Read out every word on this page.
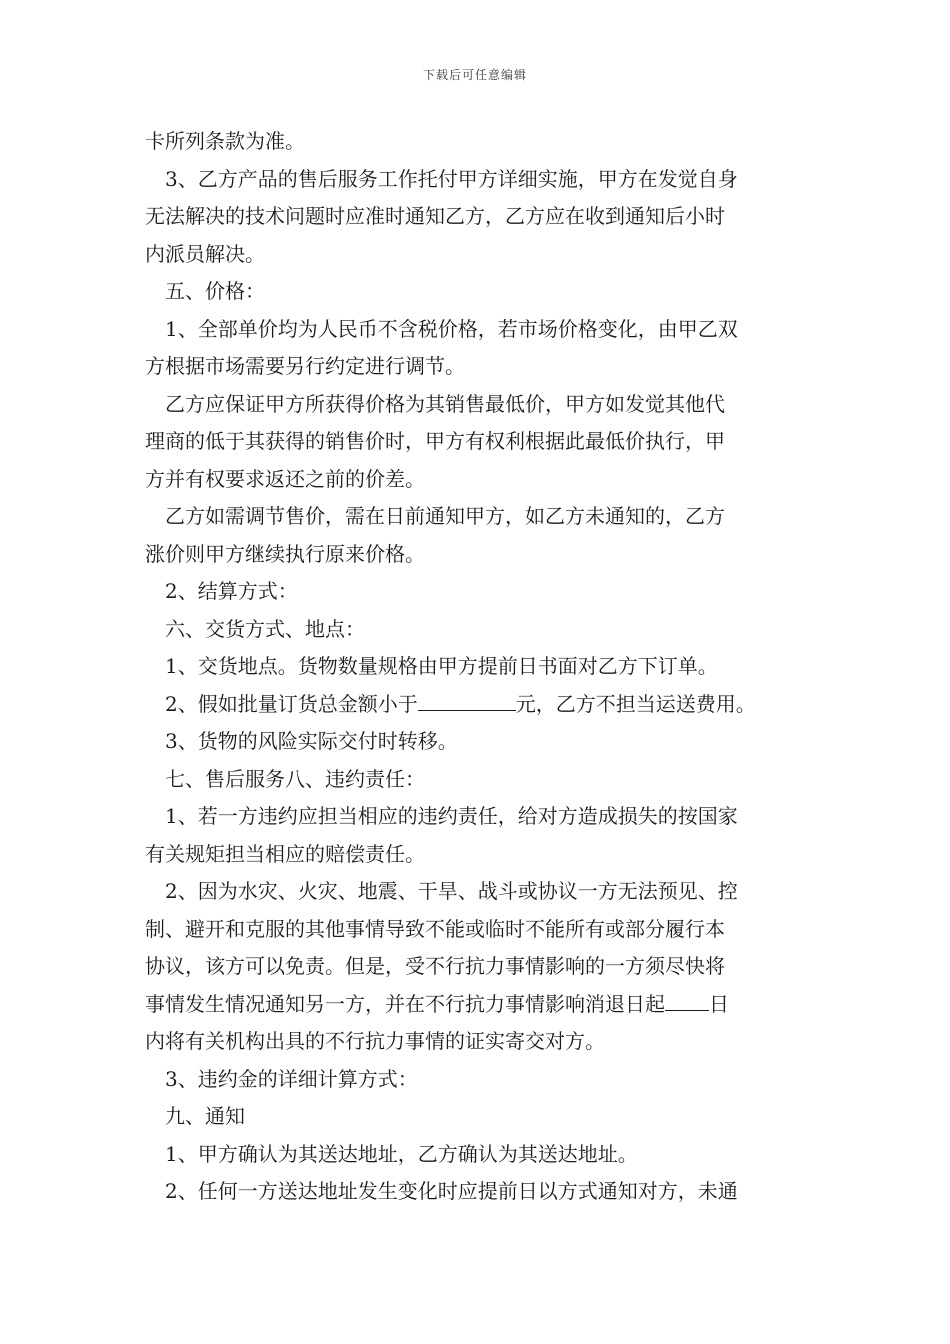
下载后可任意编辑
卡所列条款为准。
3、乙方产品的售后服务工作托付甲方详细实施，甲方在发觉自身
无法解决的技术问题时应准时通知乙方，乙方应在收到通知后小时
内派员解决。
五、价格：
1、全部单价均为人民币不含税价格，若市场价格变化，由甲乙双
方根据市场需要另行约定进行调节。
乙方应保证甲方所获得价格为其销售最低价，甲方如发觉其他代
理商的低于其获得的销售价时，甲方有权利根据此最低价执行，甲
方并有权要求返还之前的价差。
乙方如需调节售价，需在日前通知甲方，如乙方未通知的，乙方
涨价则甲方继续执行原来价格。
2、结算方式：
六、交货方式、地点：
1、交货地点。货物数量规格由甲方提前日书面对乙方下订单。
2、假如批量订货总金额小于	元，乙方不担当运送费用。
3、货物的风险实际交付时转移。
七、售后服务八、违约责任：
1、若一方违约应担当相应的违约责任，给对方造成损失的按国家
有关规矩担当相应的赔偿责任。
2、因为水灾、火灾、地震、干旱、战斗或协议一方无法预见、控
制、避开和克服的其他事情导致不能或临时不能所有或部分履行本
协议，该方可以免责。但是，受不行抗力事情影响的一方须尽快将
事情发生情况通知另一方，并在不行抗力事情影响消退日起 日
内将有关机构出具的不行抗力事情的证实寄交对方。
3、违约金的详细计算方式：
九、通知
1、甲方确认为其送达地址，乙方确认为其送达地址。
2、任何一方送达地址发生变化时应提前日以方式通知对方，未通
